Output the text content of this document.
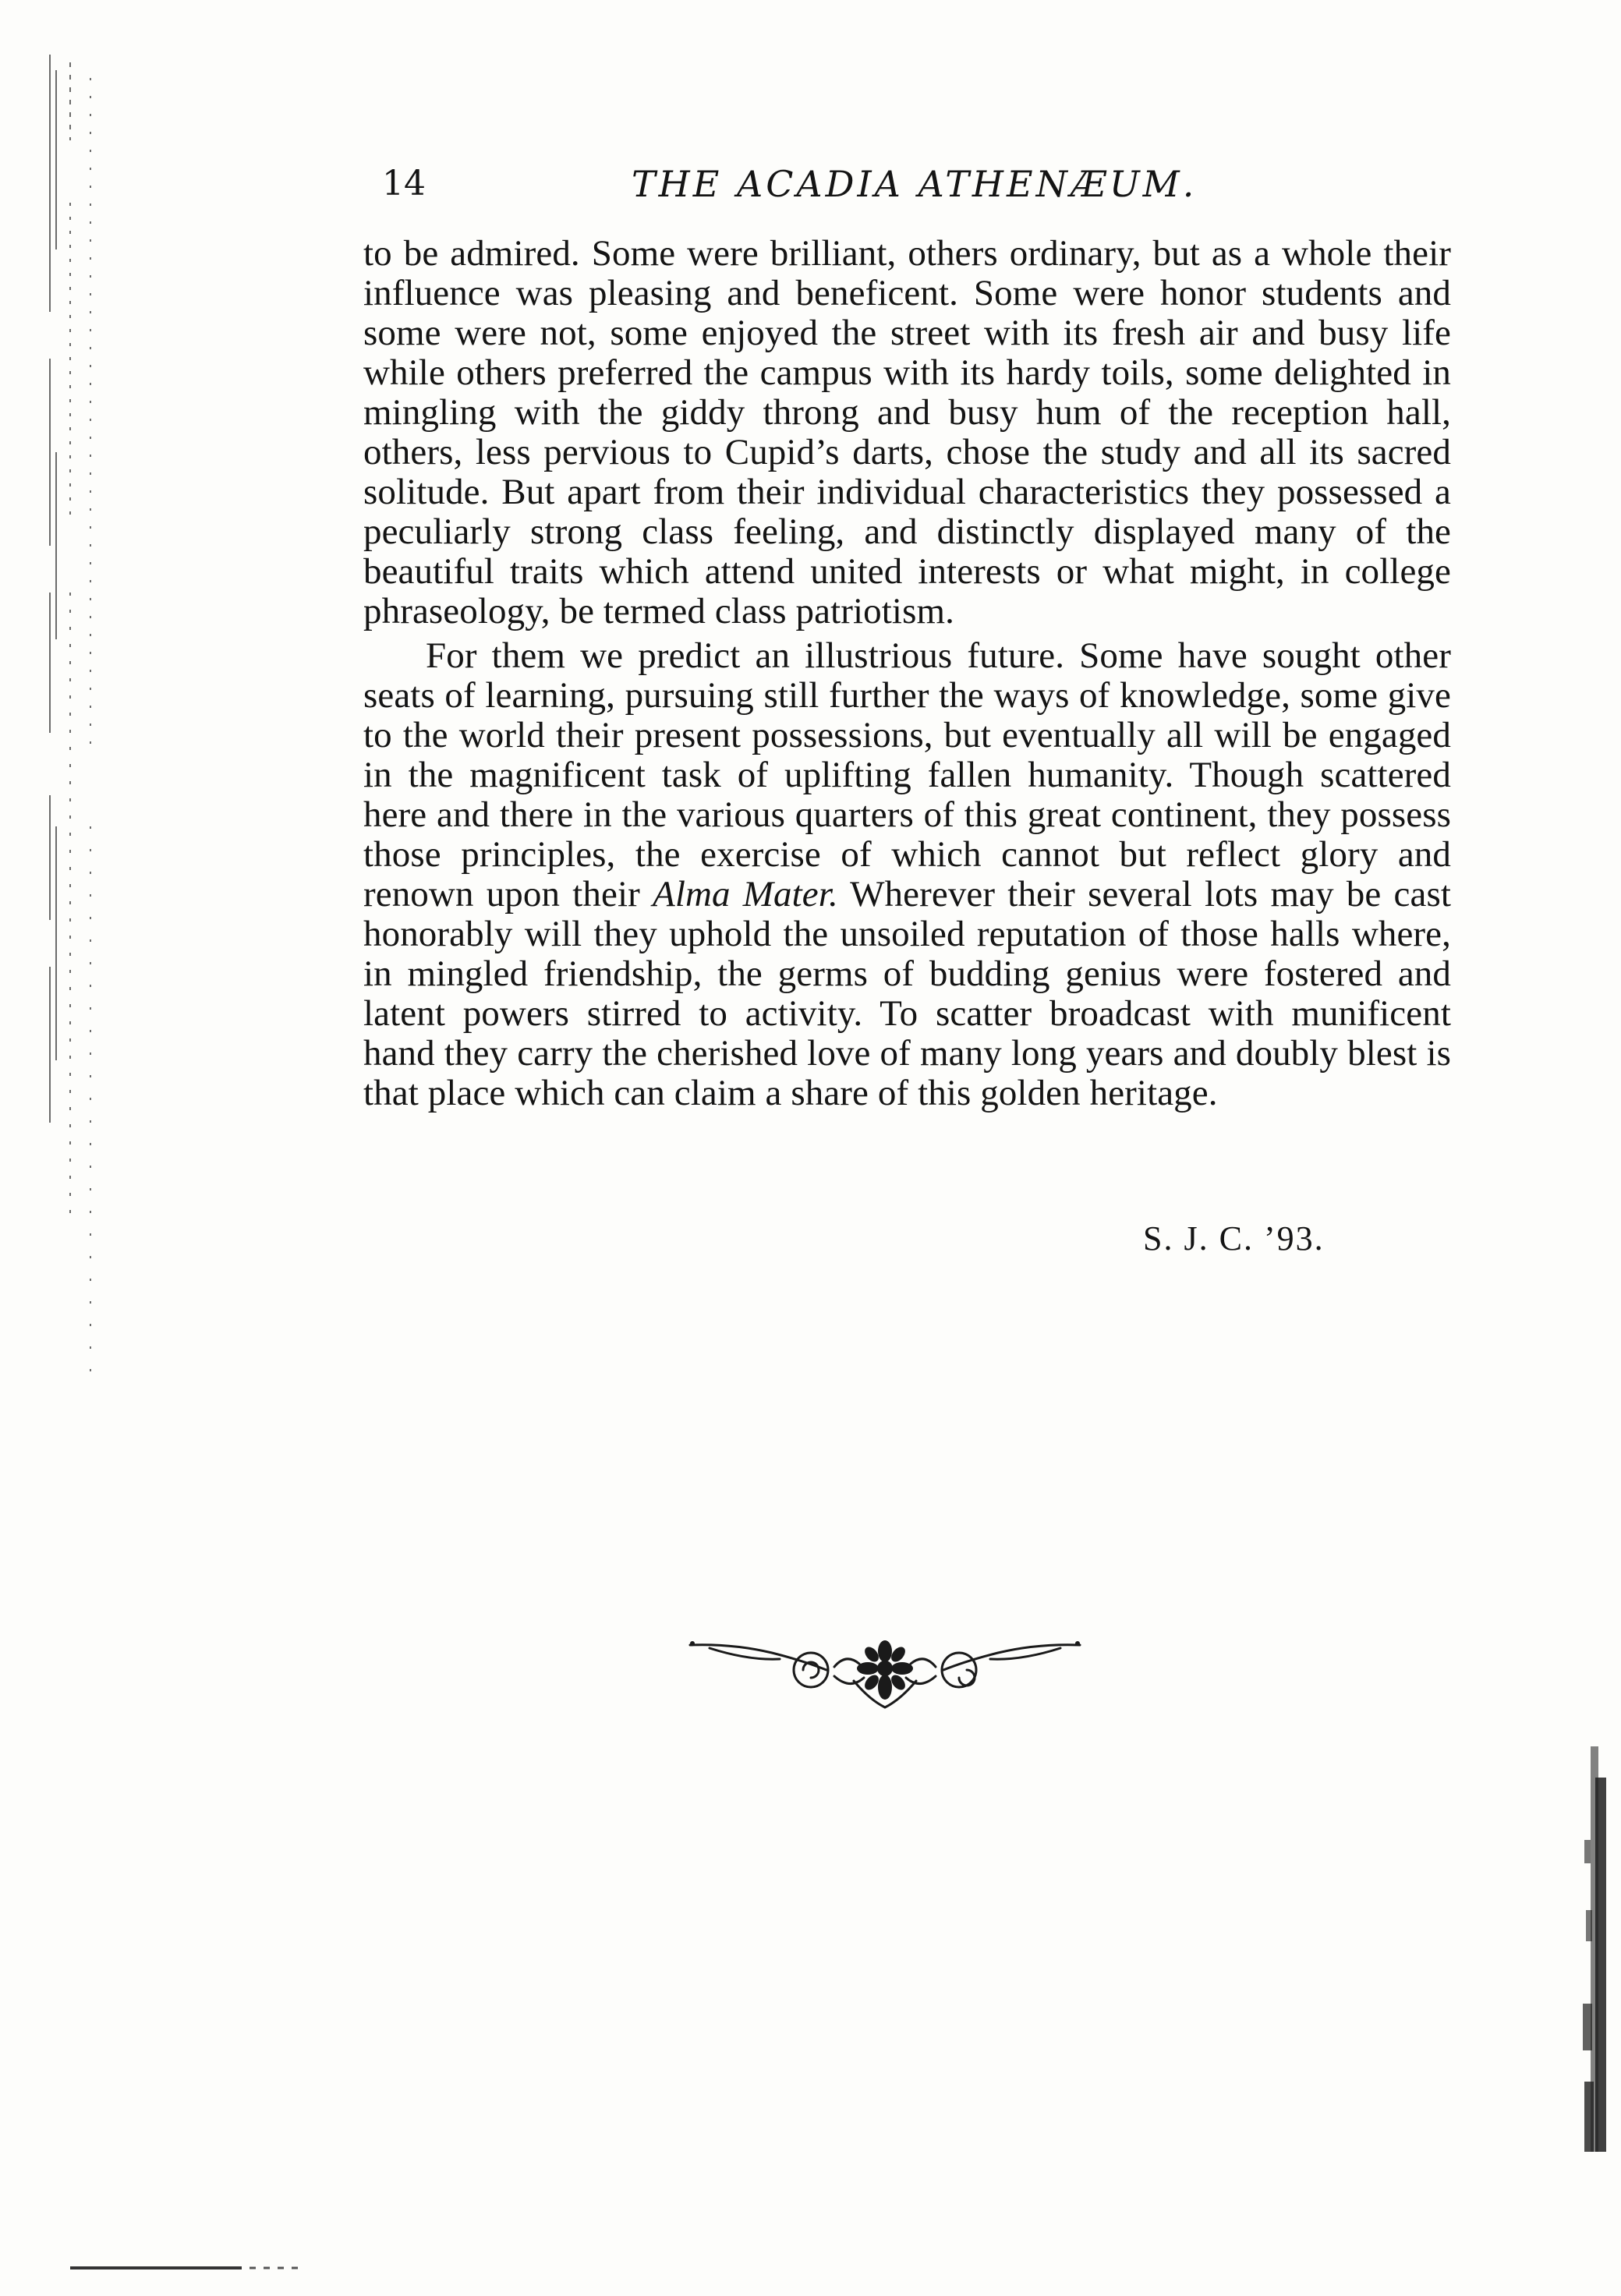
14	THE ACADIA ATHENÆUM.

to be admired. Some were brilliant, others ordinary, but as a whole their influence was pleasing and beneficent. Some were honor students and some were not, some enjoyed the street with its fresh air and busy life while others preferred the campus with its hardy toils, some delighted in mingling with the giddy throng and busy hum of the reception hall, others, less pervious to Cupid’s darts, chose the study and all its sacred solitude. But apart from their individual characteristics they possessed a peculiarly strong class feeling, and distinctly displayed many of the beautiful traits which attend united interests or what might, in college phraseology, be termed class patriotism.

For them we predict an illustrious future. Some have sought other seats of learning, pursuing still further the ways of knowledge, some give to the world their present possessions, but eventually all will be engaged in the magnificent task of uplifting fallen humanity. Though scattered here and there in the various quarters of this great continent, they possess those principles, the exercise of which cannot but reflect glory and renown upon their Alma Mater. Wherever their several lots may be cast honorably will they uphold the unsoiled reputation of those halls where, in mingled friendship, the germs of budding genius were fostered and latent powers stirred to activity. To scatter broadcast with munificent hand they carry the cherished love of many long years and doubly blest is that place which can claim a share of this golden heritage.

S. J. C. ’93.
